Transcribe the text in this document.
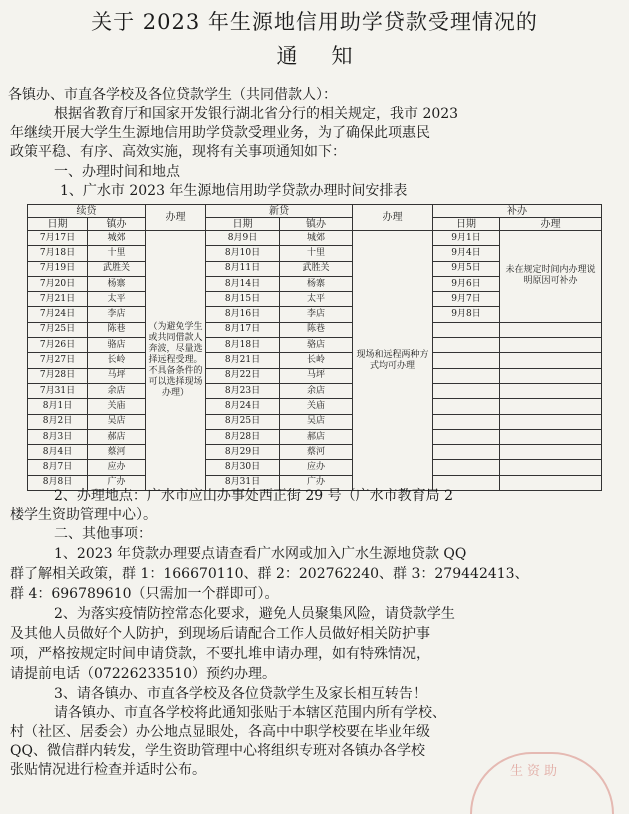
关于 2023 年生源地信用助学贷款受理情况的
通知
各镇办、市直各学校及各位贷款学生（共同借款人）：
根据省教育厅和国家开发银行湖北省分行的相关规定，我市 2023
年继续开展大学生生源地信用助学贷款受理业务，为了确保此项惠民
政策平稳、有序、高效实施，现将有关事项通知如下：
一、办理时间和地点
1、广水市 2023 年生源地信用助学贷款办理时间安排表
续贷		办理	新贷		办理	补办	
日期	镇办		日期	镇办		日期	办理
7月17日	城郊	（为避免学生或共同借款人奔波，尽量选择远程受理。不具备条件的可以选择现场办理）	8月9日	城郊	现场和远程两种方式均可办理	9月1日	未在规定时间内办理说明原因可补办
7月18日	十里		8月10日	十里		9月4日	
7月19日	武胜关		8月11日	武胜关		9月5日	
7月20日	杨寨		8月14日	杨寨		9月6日	
7月21日	太平		8月15日	太平		9月7日	
7月24日	李店		8月16日	李店		9月8日	
7月25日	陈巷		8月17日	陈巷			
7月26日	骆店		8月18日	骆店			
7月27日	长岭		8月21日	长岭			
7月28日	马坪		8月22日	马坪			
7月31日	余店		8月23日	余店			
8月1日	关庙		8月24日	关庙			
8月2日	吴店		8月25日	吴店			
8月3日	郝店		8月28日	郝店			
8月4日	蔡河		8月29日	蔡河			
8月7日	应办		8月30日	应办			
8月8日	广办		8月31日	广办			
2、办理地点：广水市应山办事处西正街 29 号（广水市教育局 2
楼学生资助管理中心）。
二、其他事项：
1、2023 年贷款办理要点请查看广水网或加入广水生源地贷款 QQ
群了解相关政策，群 1：166670110、群 2：202762240、群 3：279442413、
群 4：696789610（只需加一个群即可）。
2、为落实疫情防控常态化要求，避免人员聚集风险，请贷款学生
及其他人员做好个人防护，到现场后请配合工作人员做好相关防护事
项，严格按规定时间申请贷款，不要扎堆申请办理，如有特殊情况，
请提前电话（07226233510）预约办理。
3、请各镇办、市直各学校及各位贷款学生及家长相互转告！
请各镇办、市直各学校将此通知张贴于本辖区范围内所有学校、
村（社区、居委会）办公地点显眼处，各高中中职学校要在毕业年级
QQ、微信群内转发，学生资助管理中心将组织专班对各镇办各学校
张贴情况进行检查并适时公布。	生资助
